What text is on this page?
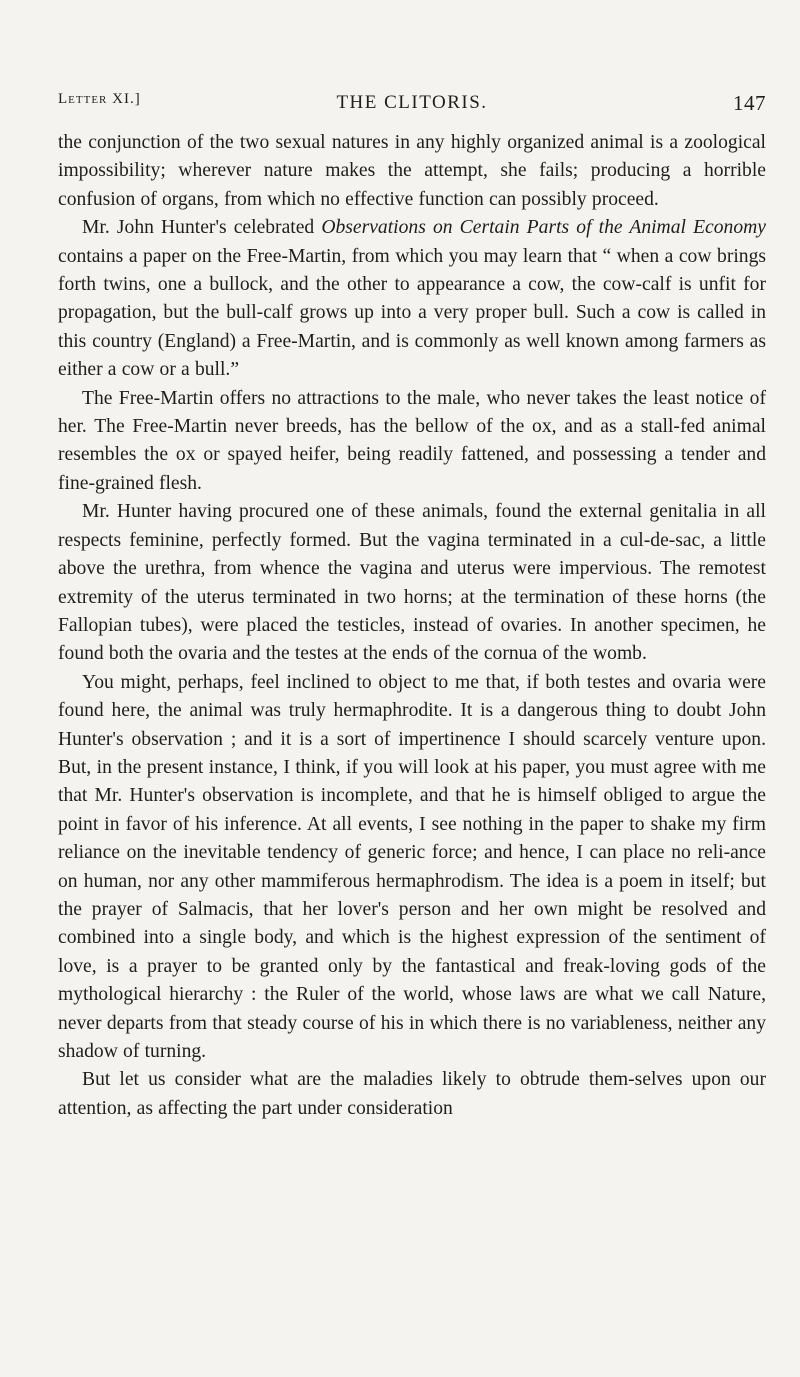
Letter XI.]	THE CLITORIS.	147

the conjunction of the two sexual natures in any highly organized animal is a zoological impossibility; wherever nature makes the attempt, she fails; producing a horrible confusion of organs, from which no effective function can possibly proceed.

Mr. John Hunter's celebrated Observations on Certain Parts of the Animal Economy contains a paper on the Free-Martin, from which you may learn that “ when a cow brings forth twins, one a bullock, and the other to appearance a cow, the cow-calf is unfit for propagation, but the bull-calf grows up into a very proper bull. Such a cow is called in this country (England) a Free-Martin, and is commonly as well known among farmers as either a cow or a bull.”

The Free-Martin offers no attractions to the male, who never takes the least notice of her. The Free-Martin never breeds, has the bellow of the ox, and as a stall-fed animal resembles the ox or spayed heifer, being readily fattened, and possessing a tender and fine-grained flesh.

Mr. Hunter having procured one of these animals, found the external genitalia in all respects feminine, perfectly formed. But the vagina terminated in a cul-de-sac, a little above the urethra, from whence the vagina and uterus were impervious. The remotest extremity of the uterus terminated in two horns; at the termination of these horns (the Fallopian tubes), were placed the testicles, instead of ovaries. In another specimen, he found both the ovaria and the testes at the ends of the cornua of the womb.

You might, perhaps, feel inclined to object to me that, if both testes and ovaria were found here, the animal was truly hermaphrodite. It is a dangerous thing to doubt John Hunter's observation ; and it is a sort of impertinence I should scarcely venture upon. But, in the present instance, I think, if you will look at his paper, you must agree with me that Mr. Hunter's observation is incomplete, and that he is himself obliged to argue the point in favor of his inference. At all events, I see nothing in the paper to shake my firm reliance on the inevitable tendency of generic force; and hence, I can place no reli-ance on human, nor any other mammiferous hermaphrodism. The idea is a poem in itself; but the prayer of Salmacis, that her lover's person and her own might be resolved and combined into a single body, and which is the highest expression of the sentiment of love, is a prayer to be granted only by the fantastical and freak-loving gods of the mythological hierarchy : the Ruler of the world, whose laws are what we call Nature, never departs from that steady course of his in which there is no variableness, neither any shadow of turning.

But let us consider what are the maladies likely to obtrude them-selves upon our attention, as affecting the part under consideration
